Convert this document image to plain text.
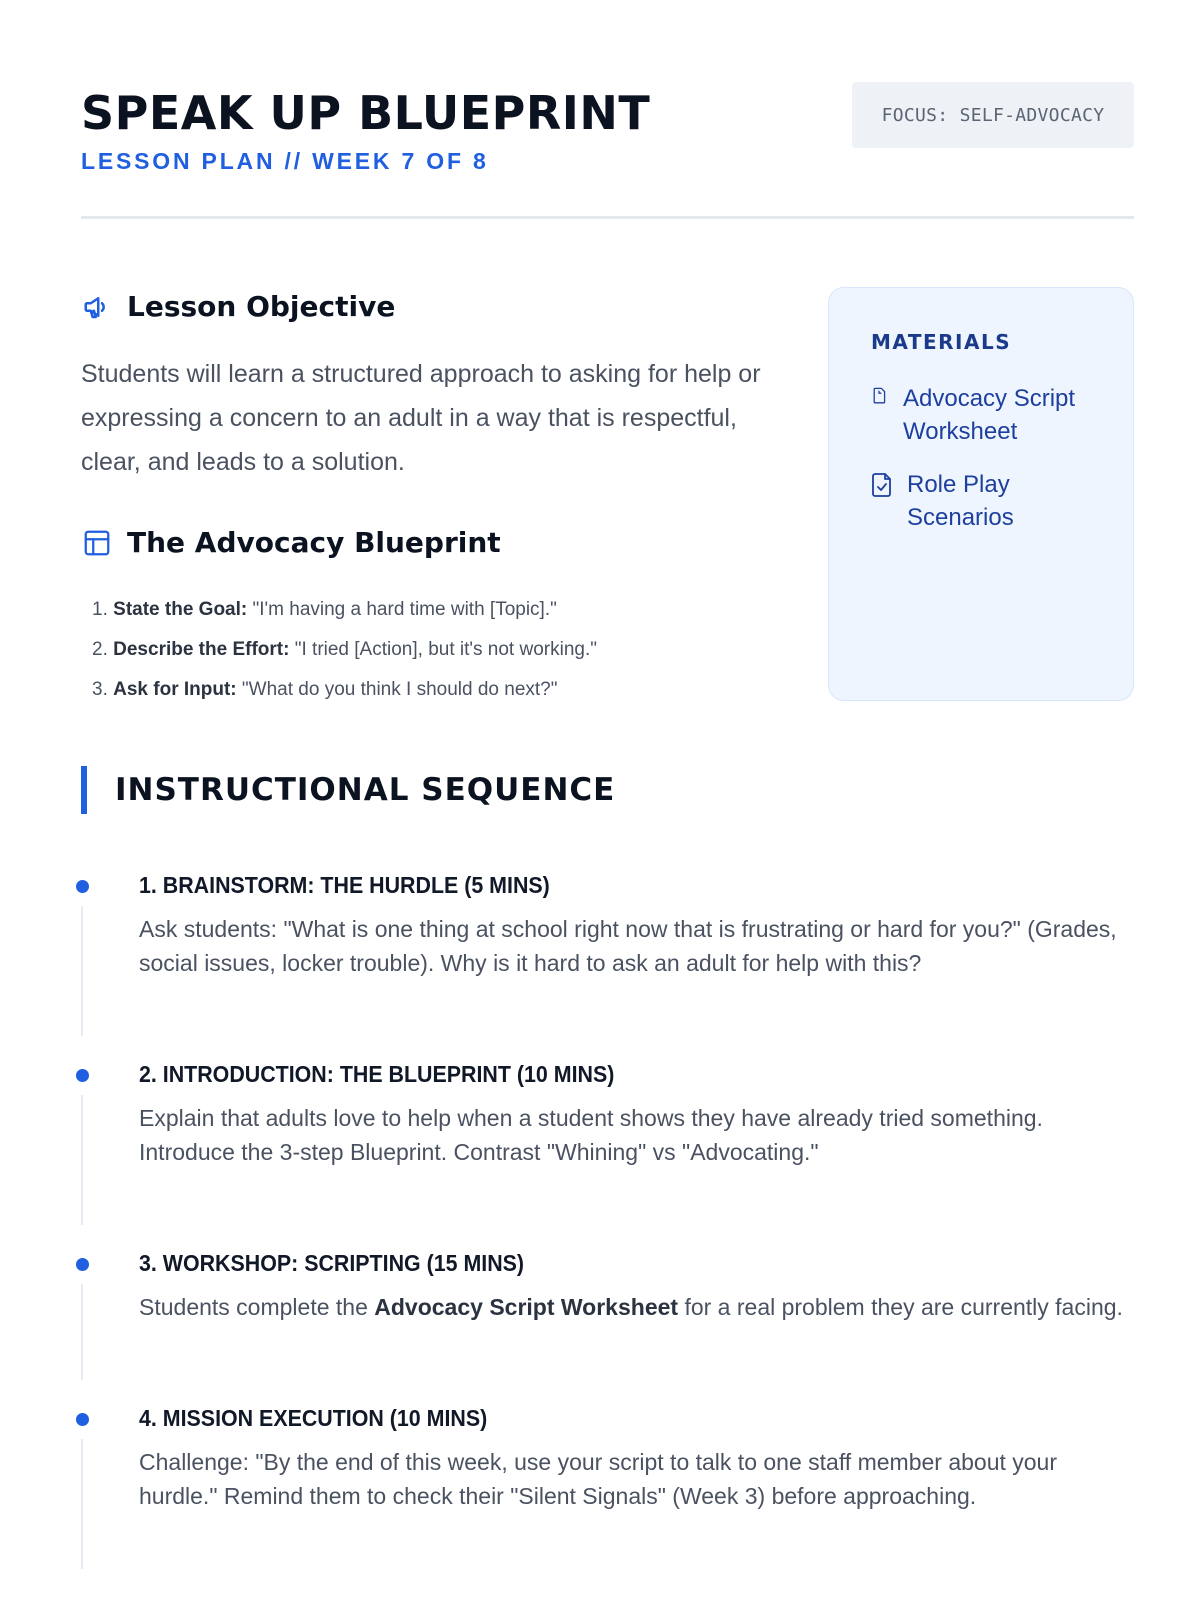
SPEAK UP BLUEPRINT
LESSON PLAN // WEEK 7 OF 8
FOCUS: SELF-ADVOCACY
Lesson Objective
Students will learn a structured approach to asking for help or expressing a concern to an adult in a way that is respectful, clear, and leads to a solution.
The Advocacy Blueprint
1. State the Goal: "I'm having a hard time with [Topic]."
2. Describe the Effort: "I tried [Action], but it's not working."
3. Ask for Input: "What do you think I should do next?"
MATERIALS
Advocacy Script Worksheet
Role Play Scenarios
INSTRUCTIONAL SEQUENCE
1. BRAINSTORM: THE HURDLE (5 MINS)
Ask students: "What is one thing at school right now that is frustrating or hard for you?" (Grades, social issues, locker trouble). Why is it hard to ask an adult for help with this?
2. INTRODUCTION: THE BLUEPRINT (10 MINS)
Explain that adults love to help when a student shows they have already tried something. Introduce the 3-step Blueprint. Contrast "Whining" vs "Advocating."
3. WORKSHOP: SCRIPTING (15 MINS)
Students complete the Advocacy Script Worksheet for a real problem they are currently facing.
4. MISSION EXECUTION (10 MINS)
Challenge: "By the end of this week, use your script to talk to one staff member about your hurdle." Remind them to check their "Silent Signals" (Week 3) before approaching.
